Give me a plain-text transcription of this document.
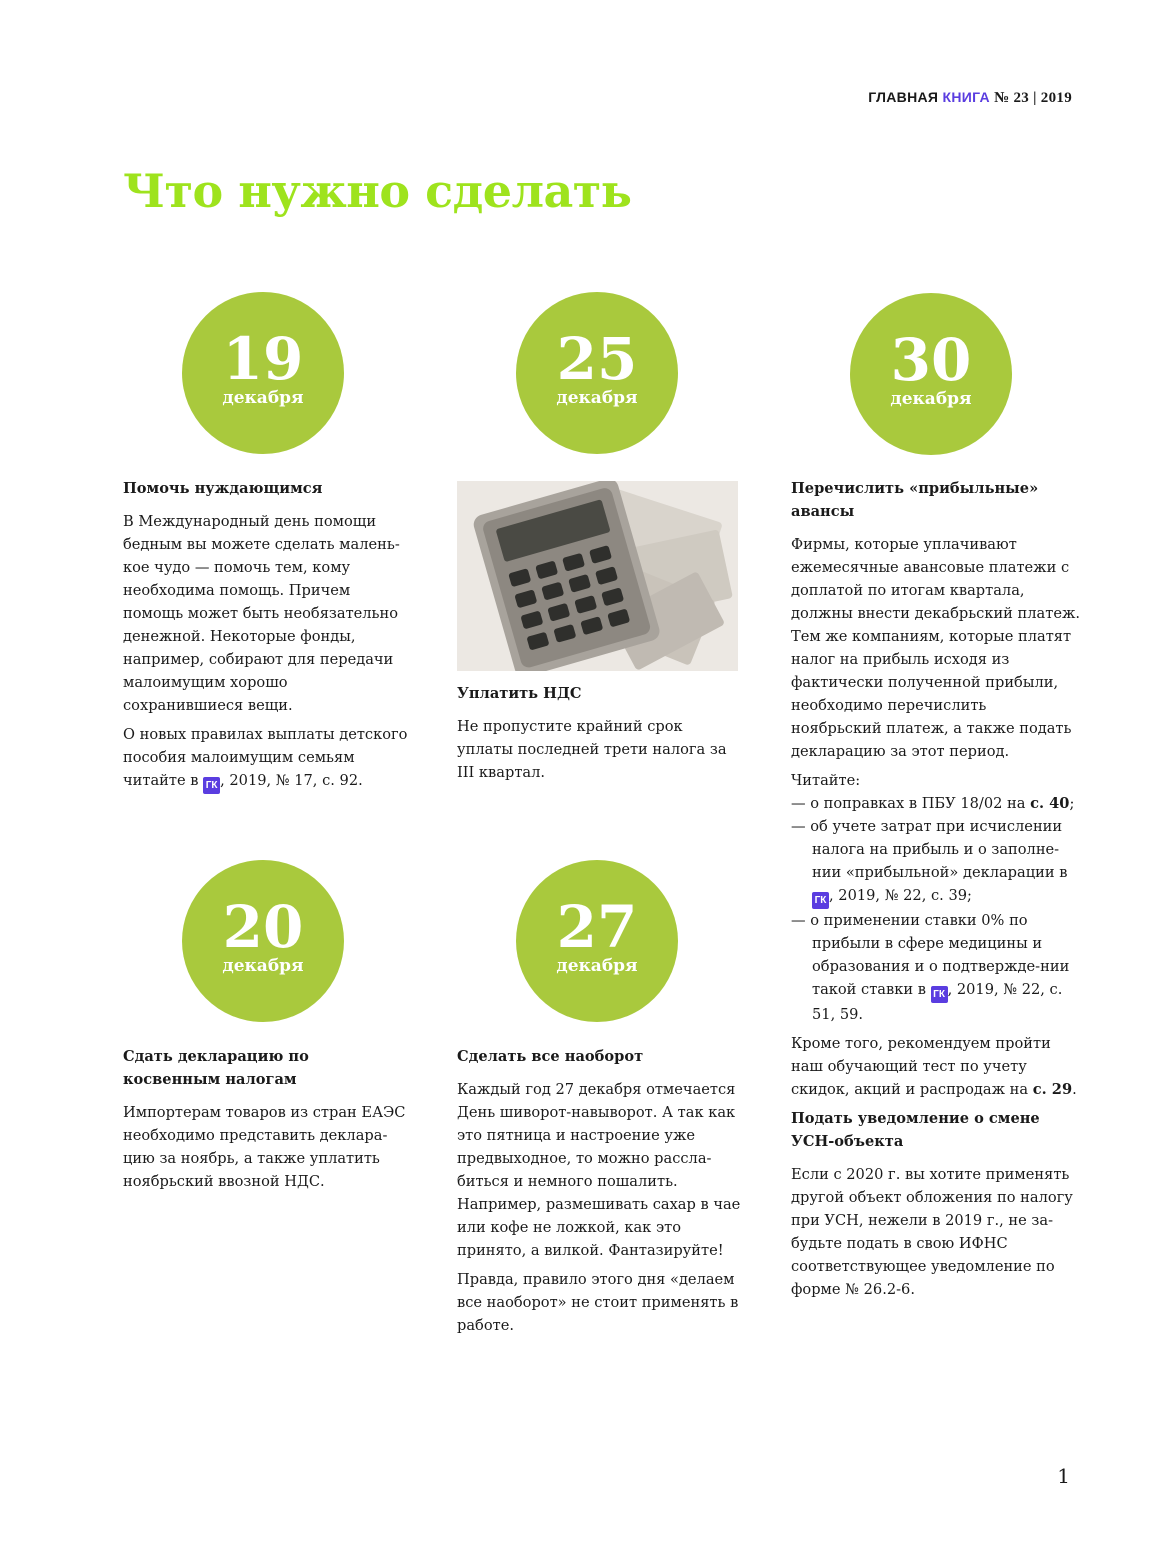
ГЛАВНАЯ КНИГА № 23 | 2019
Что нужно сделать
19
декабря
25
декабря
30
декабря
20
декабря
27
декабря
Помочь нуждающимся

В Международный день помощи бедным вы можете сделать малень-кое чудо — помочь тем, кому необходима помощь. Причем помощь может быть необязательно денежной. Некоторые фонды, например, собирают для передачи малоимущим хорошо сохранившиеся вещи.

О новых правилах выплаты детского пособия малоимущим семьям читайте в ГК , 2019, № 17, с. 92.

Уплатить НДС

Не пропустите крайний срок уплаты последней трети налога за III квартал.

Перечислить «прибыльные» авансы

Фирмы, которые уплачивают ежемесячные авансовые платежи с доплатой по итогам квартала, должны внести декабрьский платеж. Тем же компаниям, которые платят налог на прибыль исходя из фактически полученной прибыли, необходимо перечислить ноябрьский платеж, а также подать декларацию за этот период.

Читайте:

— о поправках в ПБУ 18/02 на с. 40;
— об учете затрат при исчислении налога на прибыль и о заполне-нии «прибыльной» декларации в ГК , 2019, № 22, с. 39;
— о применении ставки 0% по прибыли в сфере медицины и образования и о подтвержде-нии такой ставки в ГК , 2019, № 22, с. 51, 59.

Кроме того, рекомендуем пройти наш обучающий тест по учету скидок, акций и распродаж на с. 29.

Подать уведомление о смене УСН-объекта

Если с 2020 г. вы хотите применять другой объект обложения по налогу при УСН, нежели в 2019 г., не за-будьте подать в свою ИФНС соответствующее уведомление по форме № 26.2-6.

Сдать декларацию по косвенным налогам

Импортерам товаров из стран ЕАЭС необходимо представить деклара-цию за ноябрь, а также уплатить ноябрьский ввозной НДС.

Сделать все наоборот

Каждый год 27 декабря отмечается День шиворот-навыворот. А так как это пятница и настроение уже предвыходное, то можно рассла-биться и немного пошалить. Например, размешивать сахар в чае или кофе не ложкой, как это принято, а вилкой. Фантазируйте!

Правда, правило этого дня «делаем все наоборот» не стоит применять в работе.

1
